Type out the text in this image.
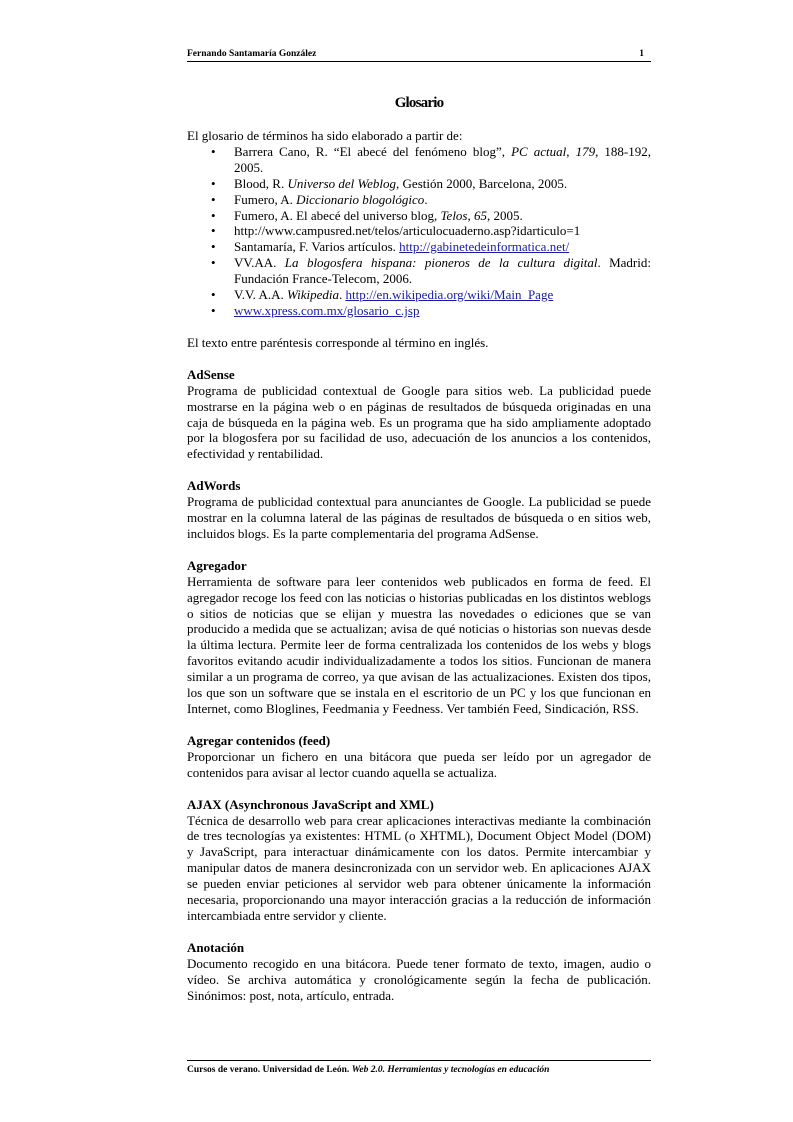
Fernando Santamaría González	1
Glosario

El glosario de términos ha sido elaborado a partir de:

• Barrera Cano, R. “El abecé del fenómeno blog”, PC actual, 179, 188-192, 2005.
• Blood, R. Universo del Weblog, Gestión 2000, Barcelona, 2005.
• Fumero, A. Diccionario blogológico.
• Fumero, A. El abecé del universo blog, Telos, 65, 2005.
• http://www.campusred.net/telos/articulocuaderno.asp?idarticulo=1
• Santamaría, F. Varios artículos. http://gabinetedeinformatica.net/
• VV.AA. La blogosfera hispana: pioneros de la cultura digital. Madrid: Fundación France-Telecom, 2006.
• V.V. A.A. Wikipedia. http://en.wikipedia.org/wiki/Main_Page
• www.xpress.com.mx/glosario_c.jsp

El texto entre paréntesis corresponde al término en inglés.

AdSense

Programa de publicidad contextual de Google para sitios web. La publicidad puede mostrarse en la página web o en páginas de resultados de búsqueda originadas en una caja de búsqueda en la página web. Es un programa que ha sido ampliamente adoptado por la blogosfera por su facilidad de uso, adecuación de los anuncios a los contenidos, efectividad y rentabilidad.

AdWords

Programa de publicidad contextual para anunciantes de Google. La publicidad se puede mostrar en la columna lateral de las páginas de resultados de búsqueda o en sitios web, incluidos blogs. Es la parte complementaria del programa AdSense.

Agregador

Herramienta de software para leer contenidos web publicados en forma de feed. El agregador recoge los feed con las noticias o historias publicadas en los distintos weblogs o sitios de noticias que se elijan y muestra las novedades o ediciones que se van producido a medida que se actualizan; avisa de qué noticias o historias son nuevas desde la última lectura. Permite leer de forma centralizada los contenidos de los webs y blogs favoritos evitando acudir individualizadamente a todos los sitios. Funcionan de manera similar a un programa de correo, ya que avisan de las actualizaciones. Existen dos tipos, los que son un software que se instala en el escritorio de un PC y los que funcionan en Internet, como Bloglines, Feedmania y Feedness. Ver también Feed, Sindicación, RSS.

Agregar contenidos (feed)

Proporcionar un fichero en una bitácora que pueda ser leído por un agregador de contenidos para avisar al lector cuando aquella se actualiza.

AJAX (Asynchronous JavaScript and XML)

Técnica de desarrollo web para crear aplicaciones interactivas mediante la combinación de tres tecnologías ya existentes: HTML (o XHTML), Document Object Model (DOM) y JavaScript, para interactuar dinámicamente con los datos. Permite intercambiar y manipular datos de manera desincronizada con un servidor web. En aplicaciones AJAX se pueden enviar peticiones al servidor web para obtener únicamente la información necesaria, proporcionando una mayor interacción gracias a la reducción de información intercambiada entre servidor y cliente.

Anotación

Documento recogido en una bitácora. Puede tener formato de texto, imagen, audio o vídeo. Se archiva automática y cronológicamente según la fecha de publicación. Sinónimos: post, nota, artículo, entrada.

Cursos de verano. Universidad de León. Web 2.0. Herramientas y tecnologías en educación
